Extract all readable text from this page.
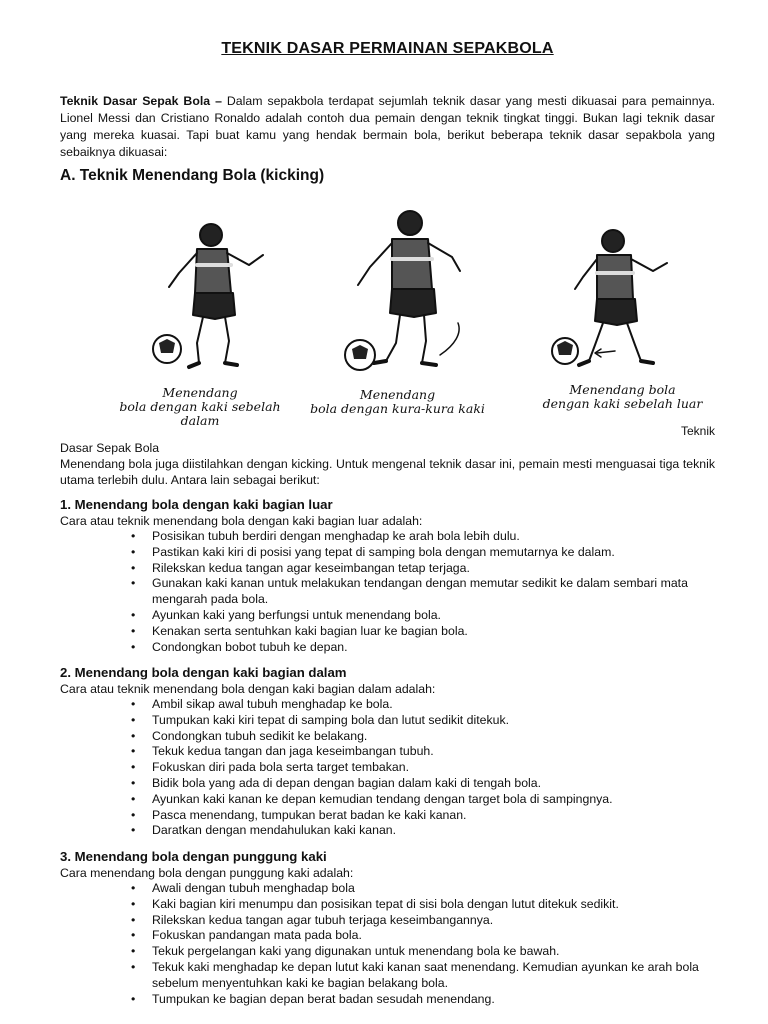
TEKNIK DASAR PERMAINAN SEPAKBOLA
Teknik Dasar Sepak Bola – Dalam sepakbola terdapat sejumlah teknik dasar yang mesti dikuasai para pemainnya. Lionel Messi dan Cristiano Ronaldo adalah contoh dua pemain dengan teknik tingkat tinggi. Bukan lagi teknik dasar yang mereka kuasai. Tapi buat kamu yang hendak bermain bola, berikut beberapa teknik dasar sepakbola yang sebaiknya dikuasai:
A. Teknik Menendang Bola (kicking)
Menendang
bola dengan kaki sebelah
dalam
Menendang
bola dengan kura-kura kaki
Menendang bola
dengan kaki sebelah luar
Teknik
Dasar Sepak Bola
Menendang bola juga diistilahkan dengan kicking. Untuk mengenal teknik dasar ini, pemain mesti menguasai tiga teknik utama terlebih dulu. Antara lain sebagai berikut:
1. Menendang bola dengan kaki bagian luar
Cara atau teknik menendang bola dengan kaki bagian luar adalah:
• Posisikan tubuh berdiri dengan menghadap ke arah bola lebih dulu.
• Pastikan kaki kiri di posisi yang tepat di samping bola dengan memutarnya ke dalam.
• Rilekskan kedua tangan agar keseimbangan tetap terjaga.
• Gunakan kaki kanan untuk melakukan tendangan dengan memutar sedikit ke dalam sembari mata mengarah pada bola.
• Ayunkan kaki yang berfungsi untuk menendang bola.
• Kenakan serta sentuhkan kaki bagian luar ke bagian bola.
• Condongkan bobot tubuh ke depan.
2. Menendang bola dengan kaki bagian dalam
Cara atau teknik menendang bola dengan kaki bagian dalam adalah:
• Ambil sikap awal tubuh menghadap ke bola.
• Tumpukan kaki kiri tepat di samping bola dan lutut sedikit ditekuk.
• Condongkan tubuh sedikit ke belakang.
• Tekuk kedua tangan dan jaga keseimbangan tubuh.
• Fokuskan diri pada bola serta target tembakan.
• Bidik bola yang ada di depan dengan bagian dalam kaki di tengah bola.
• Ayunkan kaki kanan ke depan kemudian tendang dengan target bola di sampingnya.
• Pasca menendang, tumpukan berat badan ke kaki kanan.
• Daratkan dengan mendahulukan kaki kanan.
3. Menendang bola dengan punggung kaki
Cara menendang bola dengan punggung kaki adalah:
• Awali dengan tubuh menghadap bola
• Kaki bagian kiri menumpu dan posisikan tepat di sisi bola dengan lutut ditekuk sedikit.
• Rilekskan kedua tangan agar tubuh terjaga keseimbangannya.
• Fokuskan pandangan mata pada bola.
• Tekuk pergelangan kaki yang digunakan untuk menendang bola ke bawah.
• Tekuk kaki menghadap ke depan lutut kaki kanan saat menendang. Kemudian ayunkan ke arah bola sebelum menyentuhkan kaki ke bagian belakang bola.
• Tumpukan ke bagian depan berat badan sesudah menendang.
